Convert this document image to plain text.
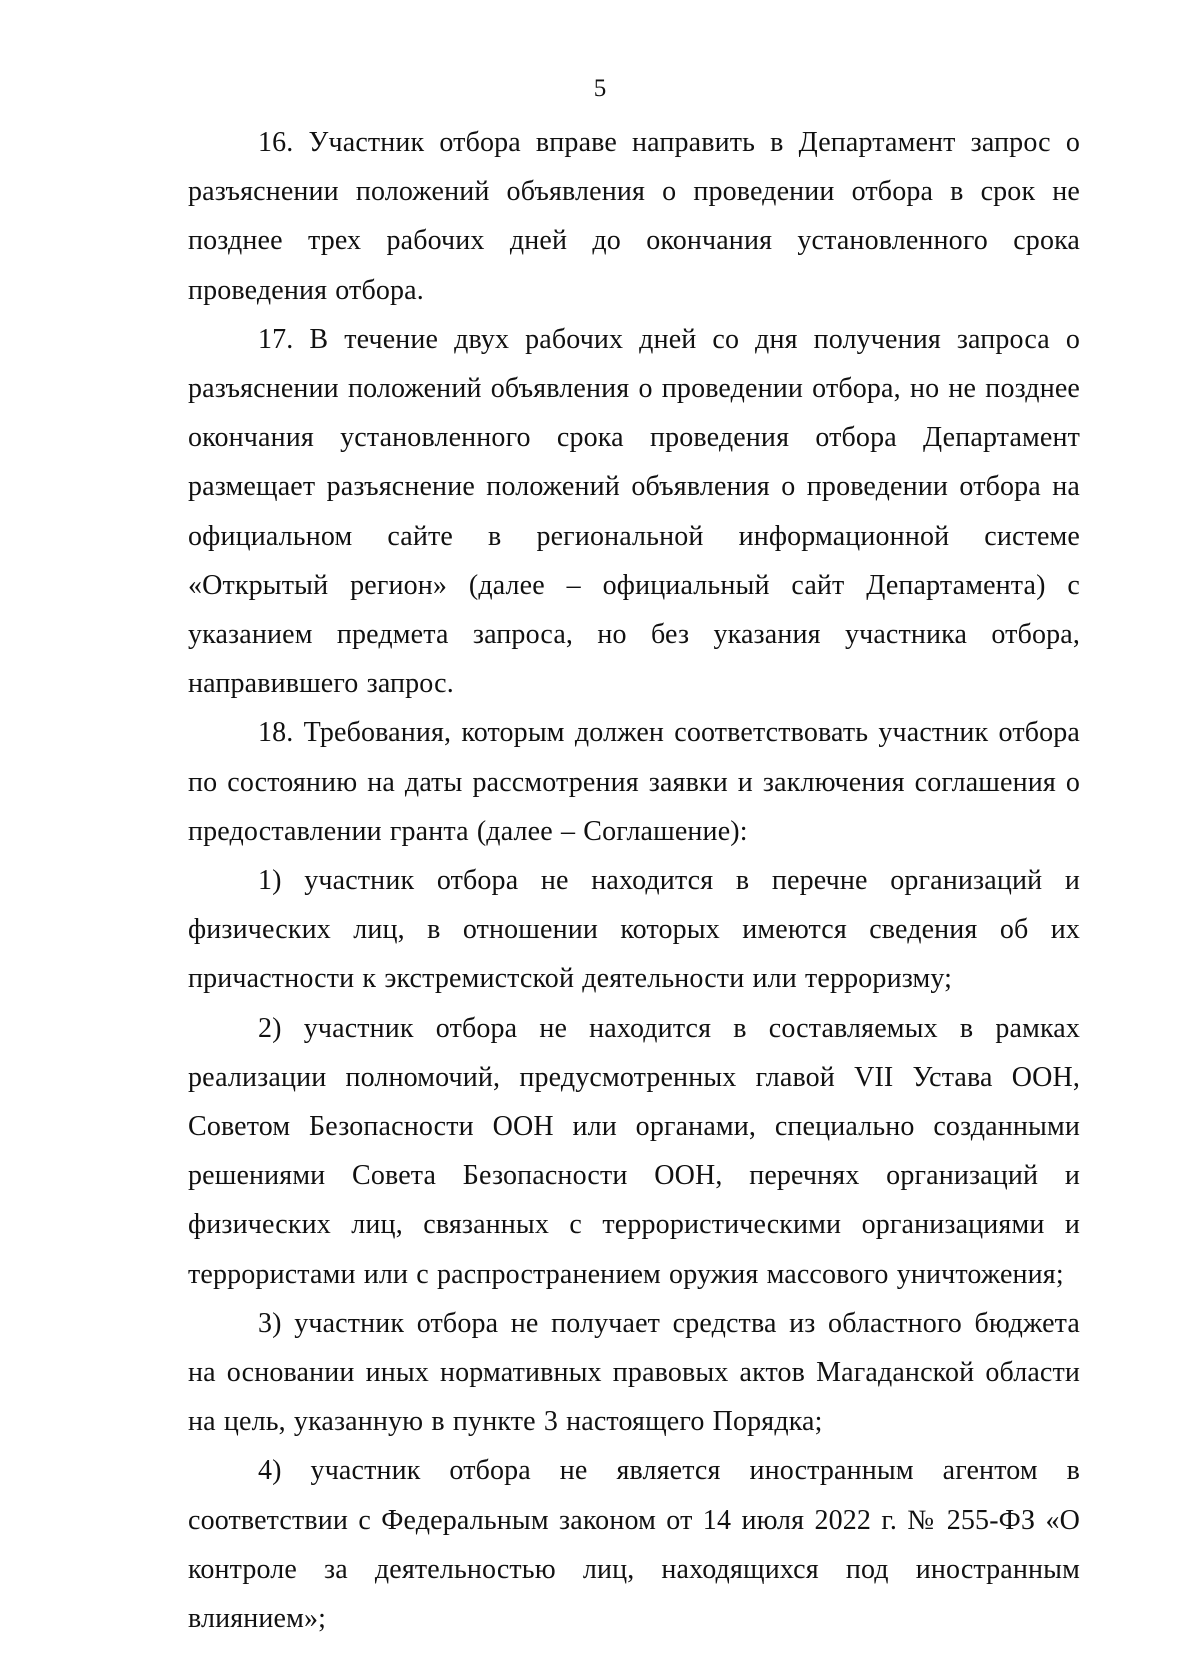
5

16. Участник отбора вправе направить в Департамент запрос о разъяснении положений объявления о проведении отбора в срок не позднее трех рабочих дней до окончания установленного срока проведения отбора.

17. В течение двух рабочих дней со дня получения запроса о разъяснении положений объявления о проведении отбора, но не позднее окончания установленного срока проведения отбора Департамент размещает разъяснение положений объявления о проведении отбора на официальном сайте в региональной информационной системе «Открытый регион» (далее – официальный сайт Департамента) с указанием предмета запроса, но без указания участника отбора, направившего запрос.

18. Требования, которым должен соответствовать участник отбора по состоянию на даты рассмотрения заявки и заключения соглашения о предоставлении гранта (далее – Соглашение):

1) участник отбора не находится в перечне организаций и физических лиц, в отношении которых имеются сведения об их причастности к экстремистской деятельности или терроризму;

2) участник отбора не находится в составляемых в рамках реализации полномочий, предусмотренных главой VII Устава ООН, Советом Безопасности ООН или органами, специально созданными решениями Совета Безопасности ООН, перечнях организаций и физических лиц, связанных с террористическими организациями и террористами или с распространением оружия массового уничтожения;

3) участник отбора не получает средства из областного бюджета на основании иных нормативных правовых актов Магаданской области на цель, указанную в пункте 3 настоящего Порядка;

4) участник отбора не является иностранным агентом в соответствии с Федеральным законом от 14 июля 2022 г. № 255-ФЗ «О контроле за деятельностью лиц, находящихся под иностранным влиянием»;
